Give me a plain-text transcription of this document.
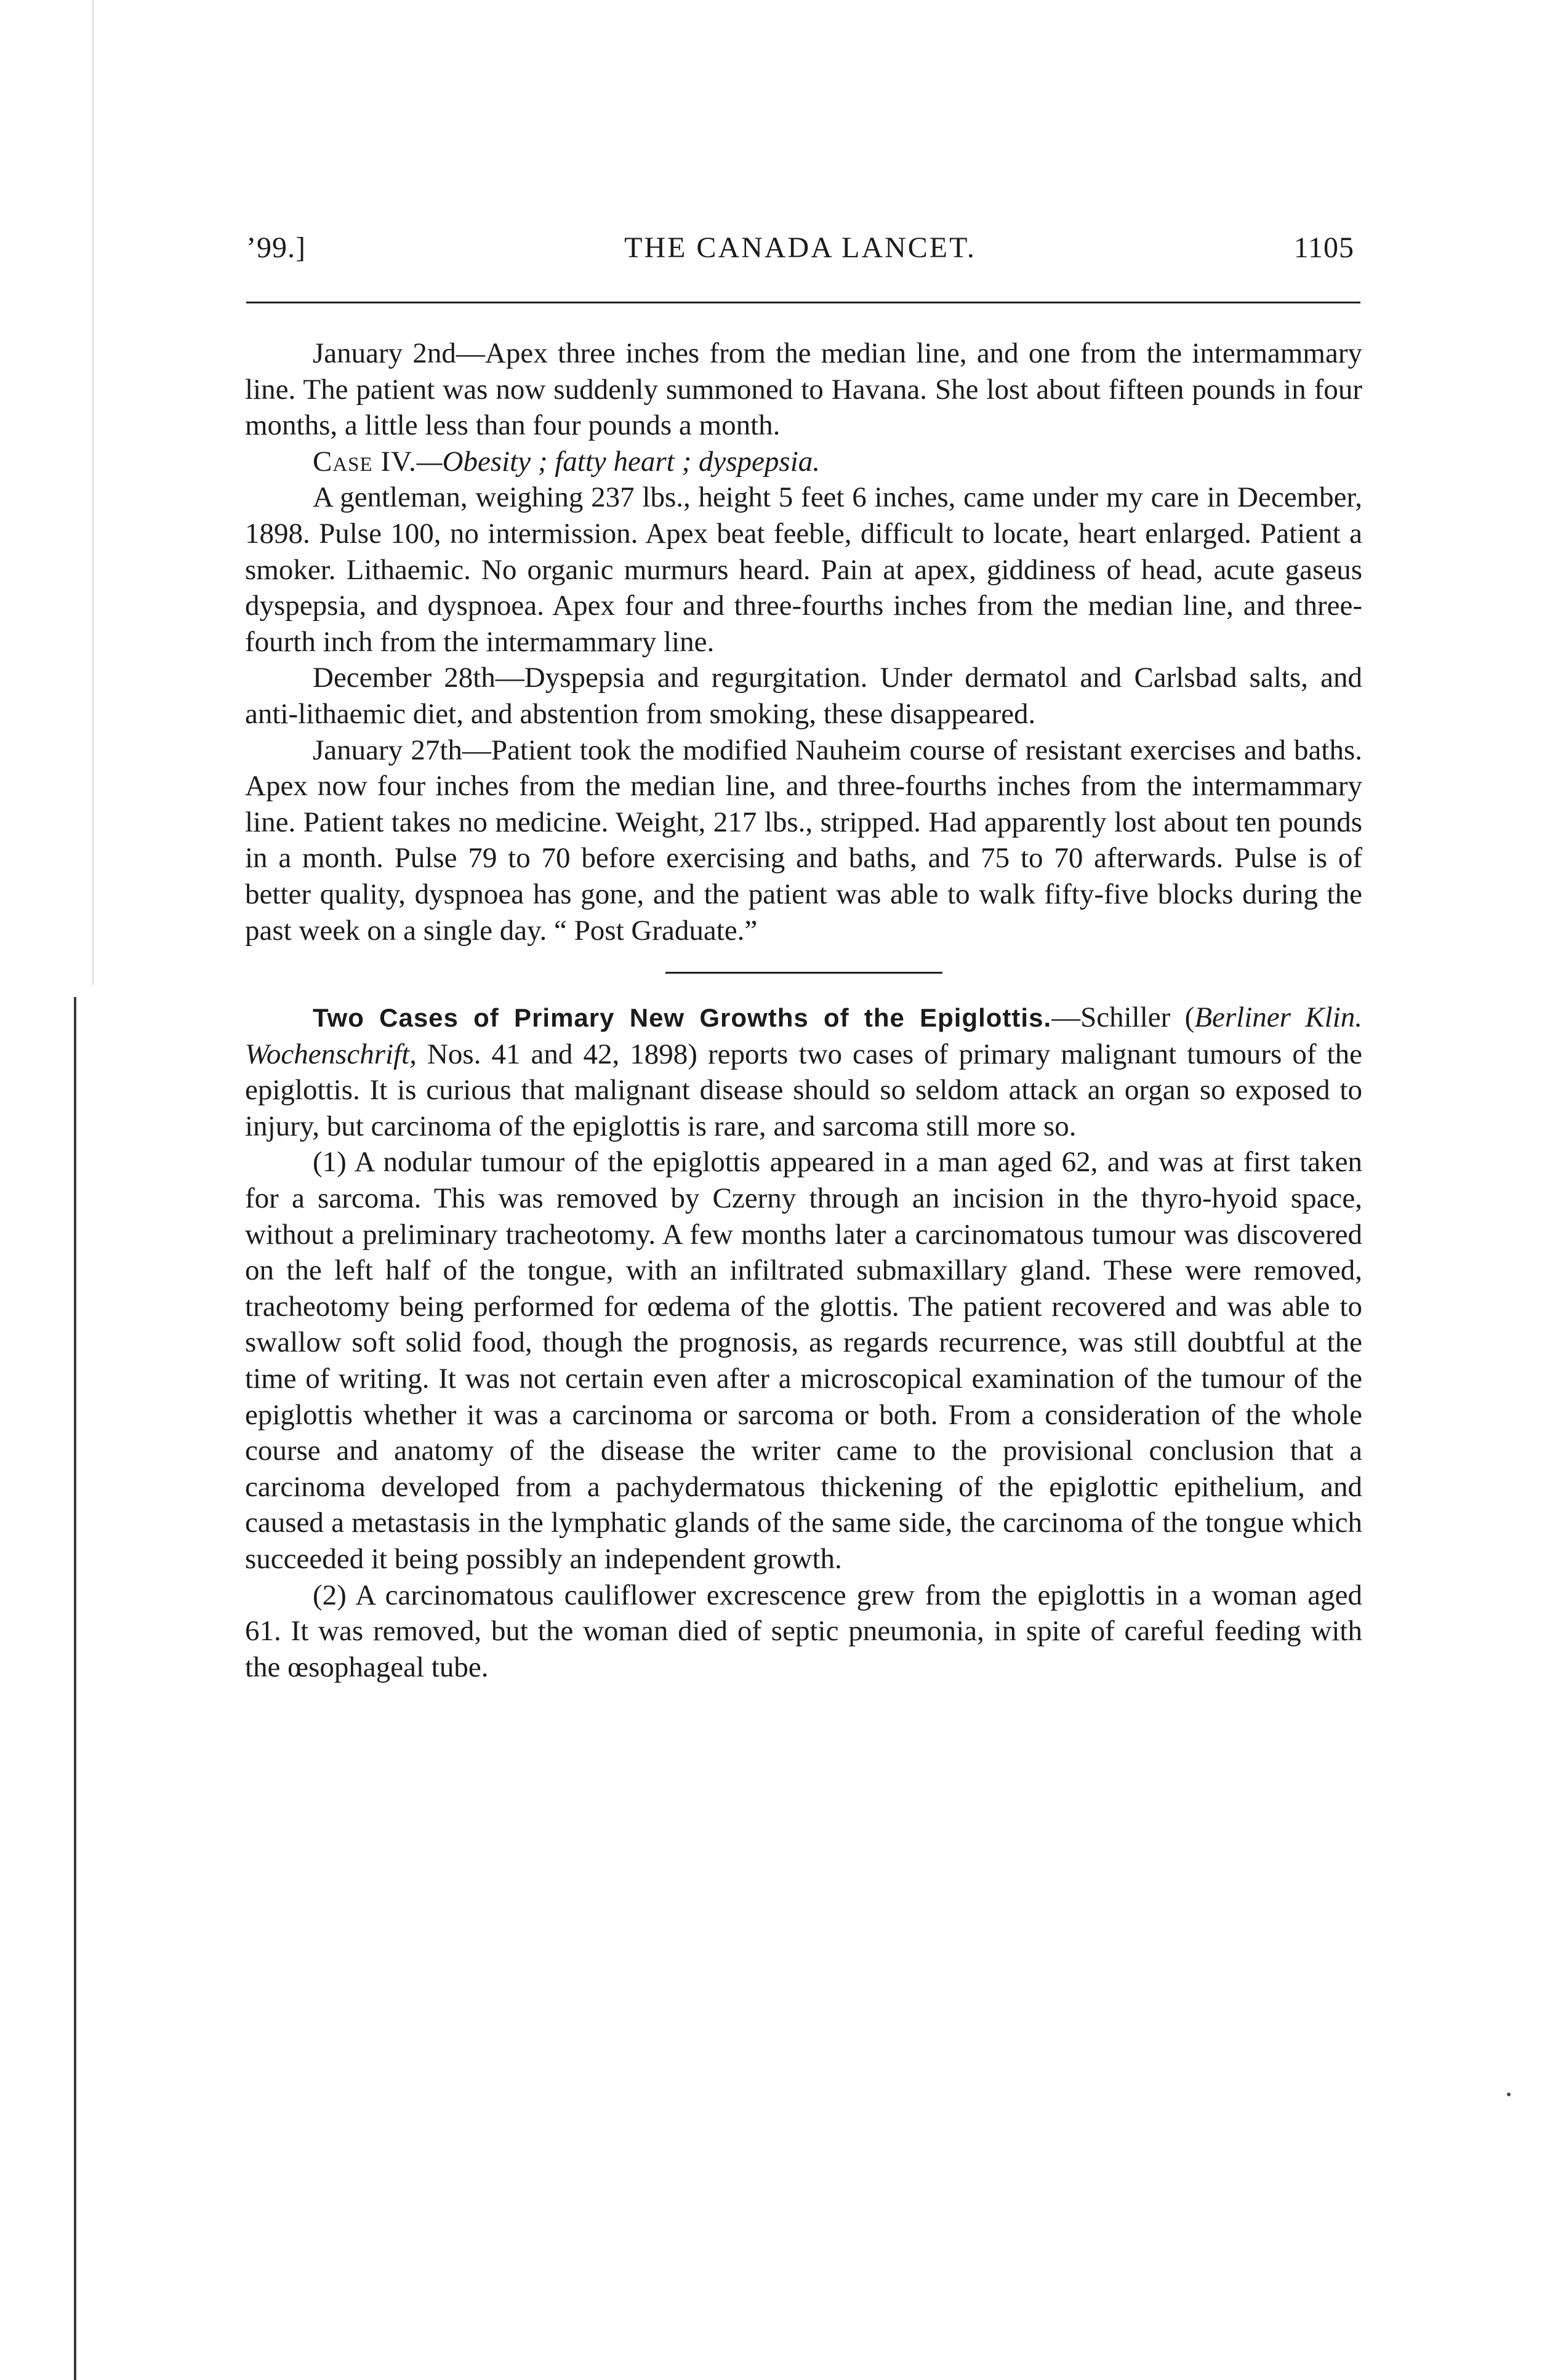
’99.]	THE CANADA LANCET.	1105

January 2nd—Apex three inches from the median line, and one from the intermammary line. The patient was now suddenly summoned to Havana. She lost about fifteen pounds in four months, a little less than four pounds a month.

Case IV.—Obesity ; fatty heart ; dyspepsia.

A gentleman, weighing 237 lbs., height 5 feet 6 inches, came under my care in December, 1898. Pulse 100, no intermission. Apex beat feeble, difficult to locate, heart enlarged. Patient a smoker. Lithaemic. No organic murmurs heard. Pain at apex, giddiness of head, acute gaseus dyspepsia, and dyspnoea. Apex four and three-fourths inches from the median line, and three-fourth inch from the intermammary line.

December 28th—Dyspepsia and regurgitation. Under dermatol and Carlsbad salts, and anti-lithaemic diet, and abstention from smoking, these disappeared.

January 27th—Patient took the modified Nauheim course of resistant exercises and baths. Apex now four inches from the median line, and three-fourths inches from the intermammary line. Patient takes no medicine. Weight, 217 lbs., stripped. Had apparently lost about ten pounds in a month. Pulse 79 to 70 before exercising and baths, and 75 to 70 afterwards. Pulse is of better quality, dyspnoea has gone, and the patient was able to walk fifty-five blocks during the past week on a single day. “ Post Graduate.”

Two Cases of Primary New Growths of the Epiglottis.—Schiller (Berliner Klin. Wochenschrift, Nos. 41 and 42, 1898) reports two cases of primary malignant tumours of the epiglottis. It is curious that malignant disease should so seldom attack an organ so exposed to injury, but carcinoma of the epiglottis is rare, and sarcoma still more so.

(1) A nodular tumour of the epiglottis appeared in a man aged 62, and was at first taken for a sarcoma. This was removed by Czerny through an incision in the thyro-hyoid space, without a preliminary tracheotomy. A few months later a carcinomatous tumour was discovered on the left half of the tongue, with an infiltrated submaxillary gland. These were removed, tracheotomy being performed for œdema of the glottis. The patient recovered and was able to swallow soft solid food, though the prognosis, as regards recurrence, was still doubtful at the time of writing. It was not certain even after a microscopical examination of the tumour of the epiglottis whether it was a carcinoma or sarcoma or both. From a consideration of the whole course and anatomy of the disease the writer came to the provisional conclusion that a carcinoma developed from a pachydermatous thickening of the epiglottic epithelium, and caused a metastasis in the lymphatic glands of the same side, the carcinoma of the tongue which succeeded it being possibly an independent growth.

(2) A carcinomatous cauliflower excrescence grew from the epiglottis in a woman aged 61. It was removed, but the woman died of septic pneumonia, in spite of careful feeding with the œsophageal tube.
